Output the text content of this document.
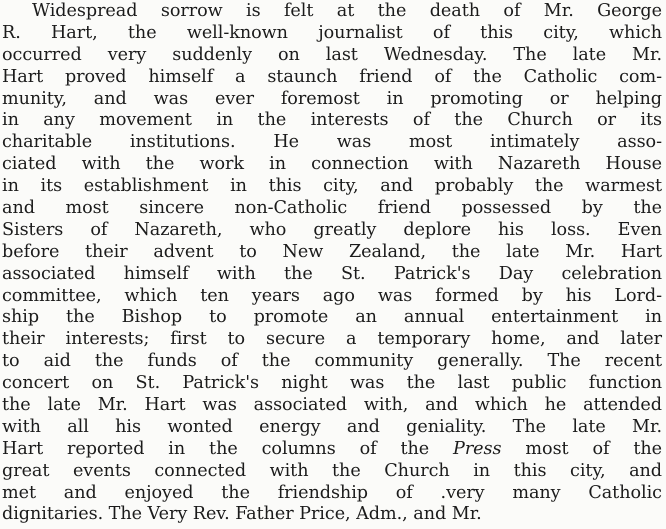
Widespread sorrow is felt at the death of Mr. George
R. Hart, the well-known journalist of this city, which
occurred very suddenly on last Wednesday. The late Mr.
Hart proved himself a staunch friend of the Catholic com-
munity, and was ever foremost in promoting or helping
in any movement in the interests of the Church or its
charitable institutions. He was most intimately asso-
ciated with the work in connection with Nazareth House
in its establishment in this city, and probably the warmest
and most sincere non-Catholic friend possessed by the
Sisters of Nazareth, who greatly deplore his loss. Even
before their advent to New Zealand, the late Mr. Hart
associated himself with the St. Patrick's Day celebration
committee, which ten years ago was formed by his Lord-
ship the Bishop to promote an annual entertainment in
their interests; first to secure a temporary home, and later
to aid the funds of the community generally. The recent
concert on St. Patrick's night was the last public function
the late Mr. Hart was associated with, and which he attended
with all his wonted energy and geniality. The late Mr.
Hart reported in the columns of the Press most of the
great events connected with the Church in this city, and
met and enjoyed the friendship of .very many Catholic
dignitaries. The Very Rev. Father Price, Adm., and Mr.
